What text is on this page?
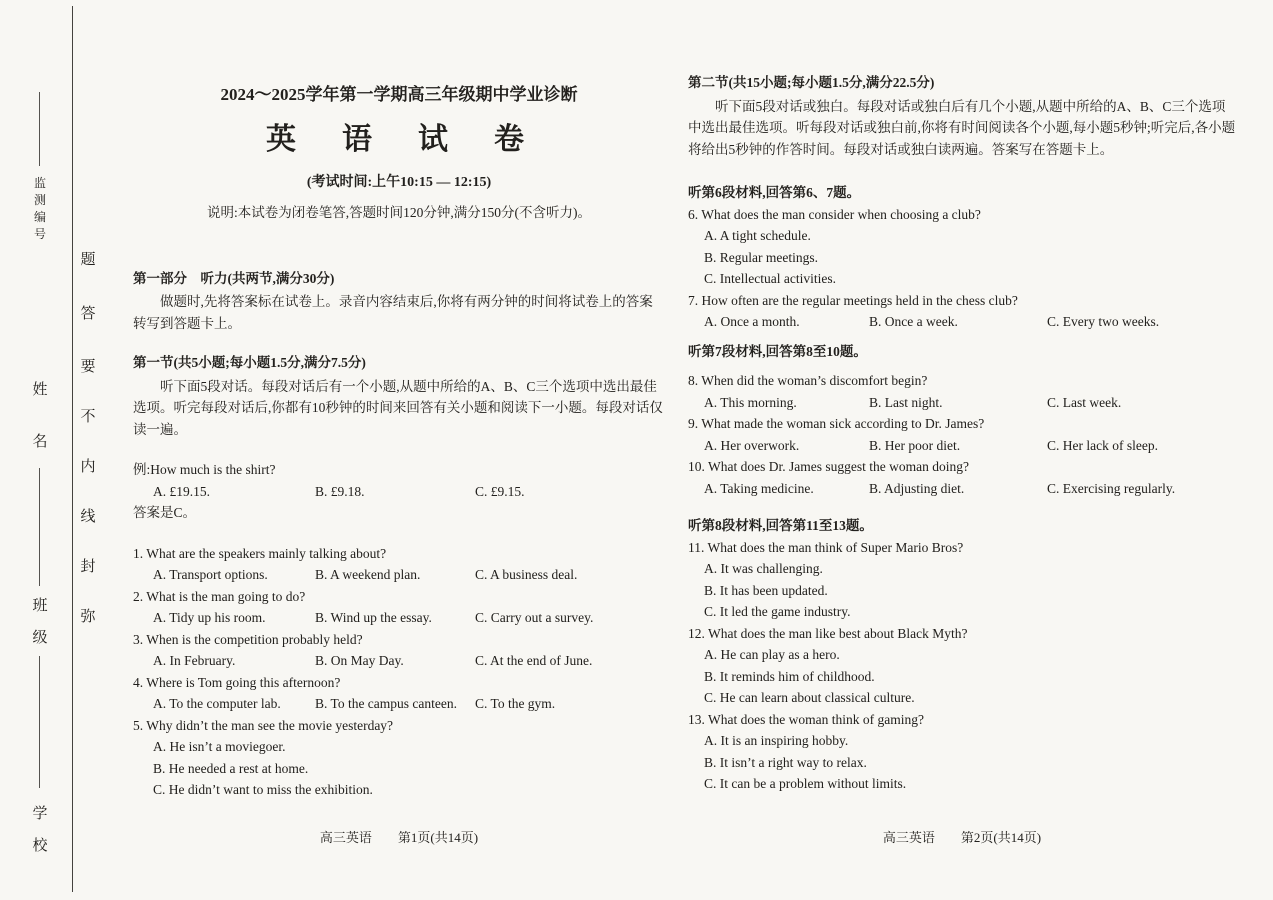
监
测
编
号
姓
名
班
级
学
校
题
答
要
不
内
线
封
弥
2024～2025学年第一学期高三年级期中学业诊断
英　语　试　卷
(考试时间:上午10:15 — 12:15)
说明:本试卷为闭卷笔答,答题时间120分钟,满分150分(不含听力)。
第一部分　听力(共两节,满分30分)

做题时,先将答案标在试卷上。录音内容结束后,你将有两分钟的时间将试卷上的答案转写到答题卡上。

第一节(共5小题;每小题1.5分,满分7.5分)

听下面5段对话。每段对话后有一个小题,从题中所给的A、B、C三个选项中选出最佳选项。听完每段对话后,你都有10秒钟的时间来回答有关小题和阅读下一小题。每段对话仅读一遍。

例:How much is the shirt?
A. £19.15.	B. £9.18.	C. £9.15.
答案是C。
1. What are the speakers mainly talking about?
A. Transport options.	B. A weekend plan.	C. A business deal.
2. What is the man going to do?
A. Tidy up his room.	B. Wind up the essay.	C. Carry out a survey.
3. When is the competition probably held?
A. In February.	B. On May Day.	C. At the end of June.
4. Where is Tom going this afternoon?
A. To the computer lab.	B. To the campus canteen.	C. To the gym.
5. Why didn’t the man see the movie yesterday?
A. He isn’t a moviegoer.
B. He needed a rest at home.
C. He didn’t want to miss the exhibition.
第二节(共15小题;每小题1.5分,满分22.5分)

听下面5段对话或独白。每段对话或独白后有几个小题,从题中所给的A、B、C三个选项中选出最佳选项。听每段对话或独白前,你将有时间阅读各个小题,每小题5秒钟;听完后,各小题将给出5秒钟的作答时间。每段对话或独白读两遍。答案写在答题卡上。

听第6段材料,回答第6、7题。
6. What does the man consider when choosing a club?
A. A tight schedule.
B. Regular meetings.
C. Intellectual activities.
7. How often are the regular meetings held in the chess club?
A. Once a month.	B. Once a week.	C. Every two weeks.
听第7段材料,回答第8至10题。
8. When did the woman’s discomfort begin?
A. This morning.	B. Last night.	C. Last week.
9. What made the woman sick according to Dr. James?
A. Her overwork.	B. Her poor diet.	C. Her lack of sleep.
10. What does Dr. James suggest the woman doing?
A. Taking medicine.	B. Adjusting diet.	C. Exercising regularly.
听第8段材料,回答第11至13题。
11. What does the man think of Super Mario Bros?
A. It was challenging.
B. It has been updated.
C. It led the game industry.
12. What does the man like best about Black Myth?
A. He can play as a hero.
B. It reminds him of childhood.
C. He can learn about classical culture.
13. What does the woman think of gaming?
A. It is an inspiring hobby.
B. It isn’t a right way to relax.
C. It can be a problem without limits.
高三英语　　第1页(共14页)	高三英语　　第2页(共14页)
